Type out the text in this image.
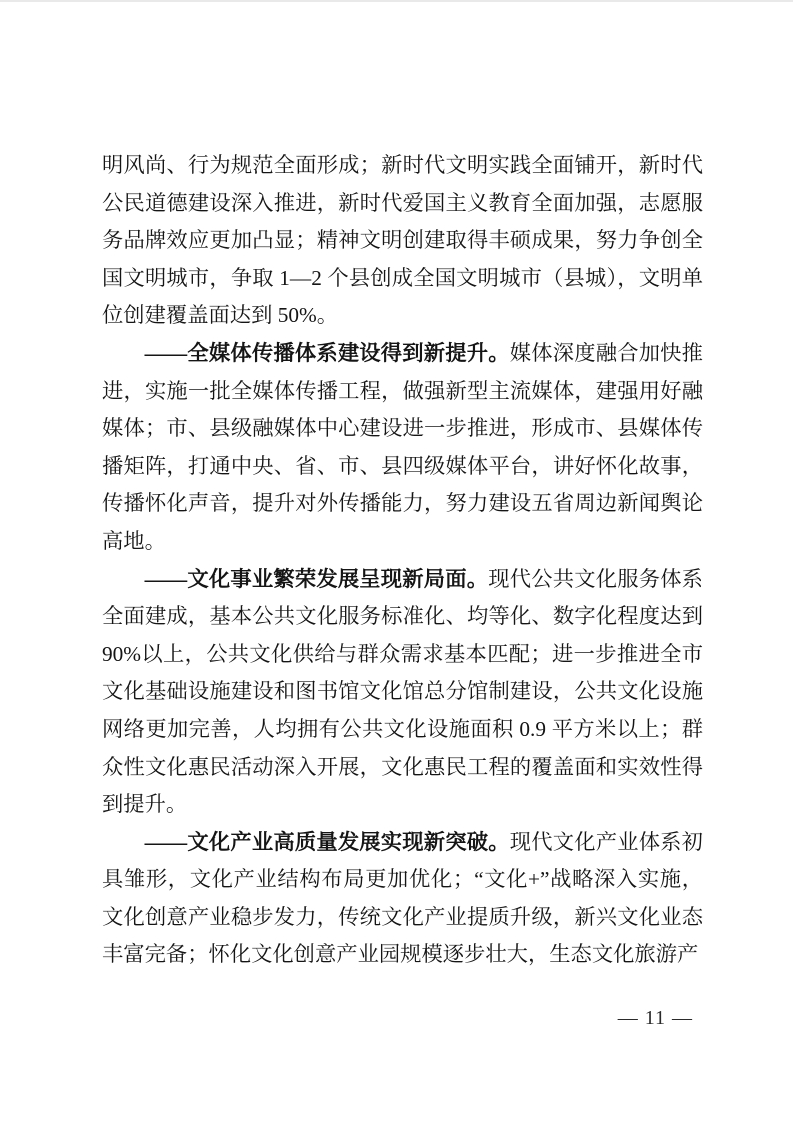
明风尚、行为规范全面形成；新时代文明实践全面铺开，新时代公民道德建设深入推进，新时代爱国主义教育全面加强，志愿服务品牌效应更加凸显；精神文明创建取得丰硕成果，努力争创全国文明城市，争取 1—2 个县创成全国文明城市（县城），文明单位创建覆盖面达到 50%。

——全媒体传播体系建设得到新提升。媒体深度融合加快推进，实施一批全媒体传播工程，做强新型主流媒体，建强用好融媒体；市、县级融媒体中心建设进一步推进，形成市、县媒体传播矩阵，打通中央、省、市、县四级媒体平台，讲好怀化故事，传播怀化声音，提升对外传播能力，努力建设五省周边新闻舆论高地。

——文化事业繁荣发展呈现新局面。现代公共文化服务体系全面建成，基本公共文化服务标准化、均等化、数字化程度达到 90%以上，公共文化供给与群众需求基本匹配；进一步推进全市文化基础设施建设和图书馆文化馆总分馆制建设，公共文化设施网络更加完善，人均拥有公共文化设施面积 0.9 平方米以上；群众性文化惠民活动深入开展，文化惠民工程的覆盖面和实效性得到提升。

——文化产业高质量发展实现新突破。现代文化产业体系初具雏形，文化产业结构布局更加优化；“文化+”战略深入实施，文化创意产业稳步发力，传统文化产业提质升级，新兴文化业态丰富完备；怀化文化创意产业园规模逐步壮大，生态文化旅游产

— 11 —
